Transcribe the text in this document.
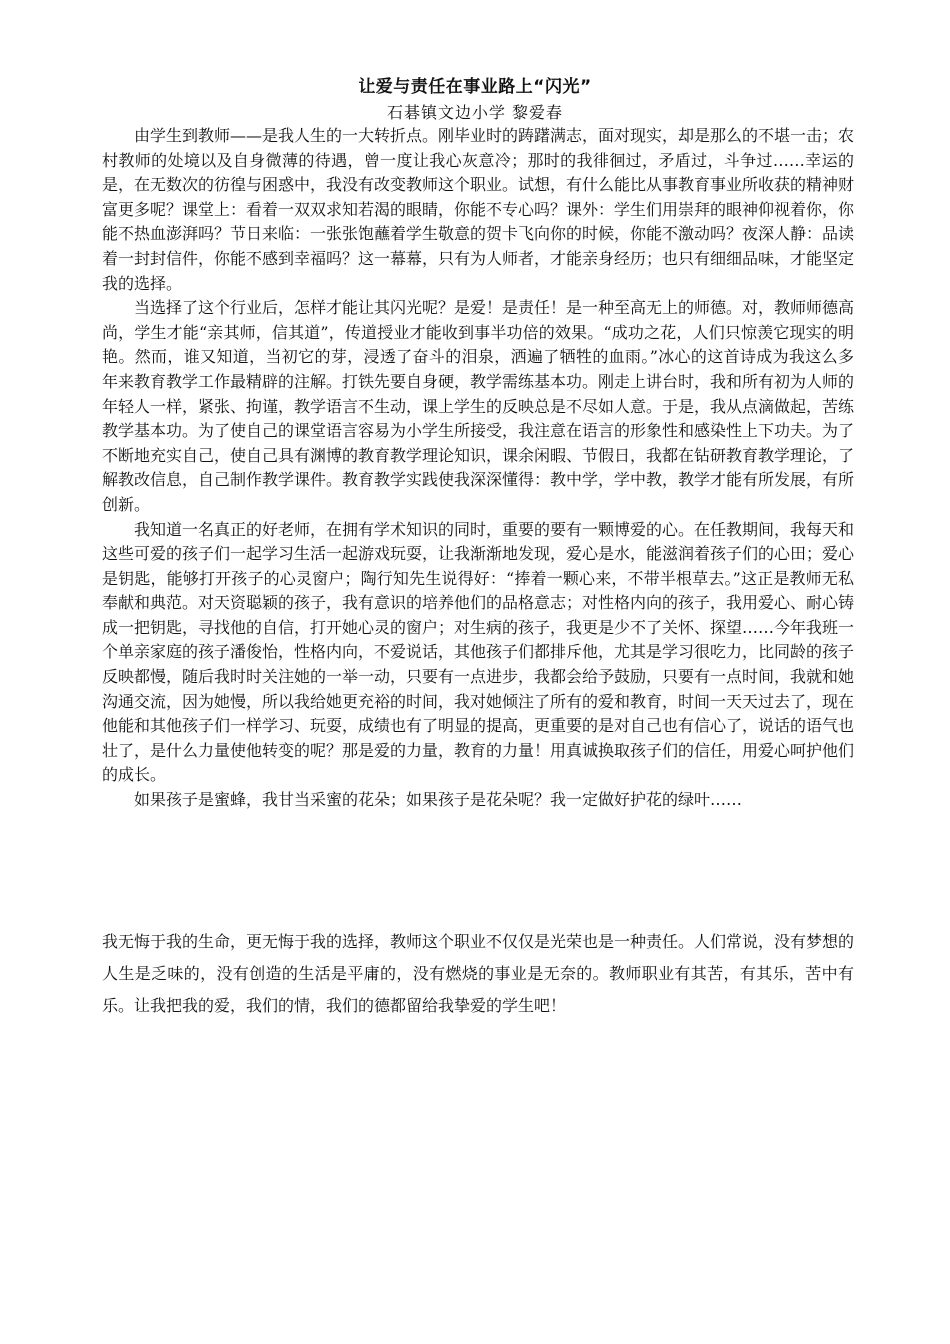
让爱与责任在事业路上“闪光”
石碁镇文边小学 黎爱春

由学生到教师——是我人生的一大转折点。刚毕业时的踌躇满志，面对现实，却是那么的不堪一击；农村教师的处境以及自身微薄的待遇，曾一度让我心灰意冷；那时的我徘徊过，矛盾过，斗争过……幸运的是，在无数次的彷徨与困惑中，我没有改变教师这个职业。试想，有什么能比从事教育事业所收获的精神财富更多呢？课堂上：看着一双双求知若渴的眼睛，你能不专心吗？课外：学生们用崇拜的眼神仰视着你，你能不热血澎湃吗？节日来临：一张张饱蘸着学生敬意的贺卡飞向你的时候，你能不激动吗？夜深人静：品读着一封封信件，你能不感到幸福吗？这一幕幕，只有为人师者，才能亲身经历；也只有细细品味，才能坚定我的选择。

当选择了这个行业后，怎样才能让其闪光呢？是爱！是责任！是一种至高无上的师德。对，教师师德高尚，学生才能“亲其师，信其道”，传道授业才能收到事半功倍的效果。“成功之花，人们只惊羡它现实的明艳。然而，谁又知道，当初它的芽，浸透了奋斗的泪泉，洒遍了牺牲的血雨。”冰心的这首诗成为我这么多年来教育教学工作最精辟的注解。打铁先要自身硬，教学需练基本功。刚走上讲台时，我和所有初为人师的年轻人一样，紧张、拘谨，教学语言不生动，课上学生的反映总是不尽如人意。于是，我从点滴做起，苦练教学基本功。为了使自己的课堂语言容易为小学生所接受，我注意在语言的形象性和感染性上下功夫。为了不断地充实自己，使自己具有渊博的教育教学理论知识，课余闲暇、节假日，我都在钻研教育教学理论，了解教改信息，自己制作教学课件。教育教学实践使我深深懂得：教中学，学中教，教学才能有所发展，有所创新。

我知道一名真正的好老师，在拥有学术知识的同时，重要的要有一颗博爱的心。在任教期间，我每天和这些可爱的孩子们一起学习生活一起游戏玩耍，让我渐渐地发现，爱心是水，能滋润着孩子们的心田；爱心是钥匙，能够打开孩子的心灵窗户；陶行知先生说得好：“捧着一颗心来，不带半根草去。”这正是教师无私奉献和典范。对天资聪颖的孩子，我有意识的培养他们的品格意志；对性格内向的孩子，我用爱心、耐心铸成一把钥匙，寻找他的自信，打开她心灵的窗户；对生病的孩子，我更是少不了关怀、探望……今年我班一个单亲家庭的孩子潘俊怡，性格内向，不爱说话，其他孩子们都排斥他，尤其是学习很吃力，比同龄的孩子反映都慢，随后我时时关注她的一举一动，只要有一点进步，我都会给予鼓励，只要有一点时间，我就和她沟通交流，因为她慢，所以我给她更充裕的时间，我对她倾注了所有的爱和教育，时间一天天过去了，现在他能和其他孩子们一样学习、玩耍，成绩也有了明显的提高，更重要的是对自己也有信心了，说话的语气也壮了，是什么力量使他转变的呢？那是爱的力量，教育的力量！用真诚换取孩子们的信任，用爱心呵护他们的成长。

如果孩子是蜜蜂，我甘当采蜜的花朵；如果孩子是花朵呢？我一定做好护花的绿叶……

我无悔于我的生命，更无悔于我的选择，教师这个职业不仅仅是光荣也是一种责任。人们常说，没有梦想的人生是乏味的，没有创造的生活是平庸的，没有燃烧的事业是无奈的。教师职业有其苦，有其乐，苦中有乐。让我把我的爱，我们的情，我们的德都留给我挚爱的学生吧！
